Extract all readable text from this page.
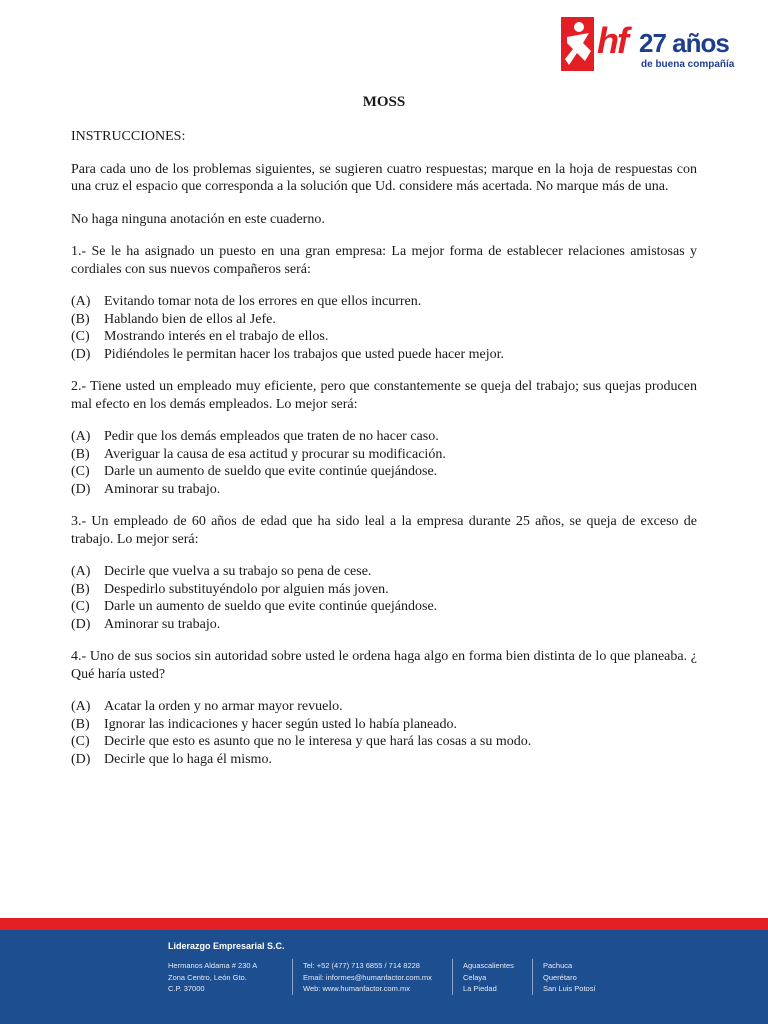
hf 27 años
de buena compañía
MOSS
INSTRUCCIONES:
Para cada uno de los problemas siguientes, se sugieren cuatro respuestas; marque en la hoja de respuestas con una cruz el espacio que corresponda a la solución que Ud. considere más acertada. No marque más de una.
No haga ninguna anotación en este cuaderno.
1.- Se le ha asignado un puesto en una gran empresa: La mejor forma de establecer relaciones amistosas y cordiales con sus nuevos compañeros será:
(A) Evitando tomar nota de los errores en que ellos incurren.
(B) Hablando bien de ellos al Jefe.
(C) Mostrando interés en el trabajo de ellos.
(D) Pidiéndoles le permitan hacer los trabajos que usted puede hacer mejor.
2.- Tiene usted un empleado muy eficiente, pero que constantemente se queja del trabajo; sus quejas producen mal efecto en los demás empleados. Lo mejor será:
(A) Pedir que los demás empleados que traten de no hacer caso.
(B) Averiguar la causa de esa actitud y procurar su modificación.
(C) Darle un aumento de sueldo que evite continúe quejándose.
(D) Aminorar su trabajo.
3.- Un empleado de 60 años de edad que ha sido leal a la empresa durante 25 años, se queja de exceso de trabajo. Lo mejor será:
(A) Decirle que vuelva a su trabajo so pena de cese.
(B) Despedirlo substituyéndolo por alguien más joven.
(C) Darle un aumento de sueldo que evite continúe quejándose.
(D) Aminorar su trabajo.
4.- Uno de sus socios sin autoridad sobre usted le ordena haga algo en forma bien distinta de lo que planeaba. ¿ Qué haría usted?
(A) Acatar la orden y no armar mayor revuelo.
(B) Ignorar las indicaciones y hacer según usted lo había planeado.
(C) Decirle que esto es asunto que no le interesa y que hará las cosas a su modo.
(D) Decirle que lo haga él mismo.
Liderazgo Empresarial S.C.
Hermanos Aldama # 230 A
Zona Centro, León Gto.
C.P. 37000
Tel: +52 (477) 713 6855 / 714 8228
Email: informes@humanfactor.com.mx
Web: www.humanfactor.com.mx
Aguascalientes
Celaya
La Piedad
Pachuca
Querétaro
San Luis Potosí
